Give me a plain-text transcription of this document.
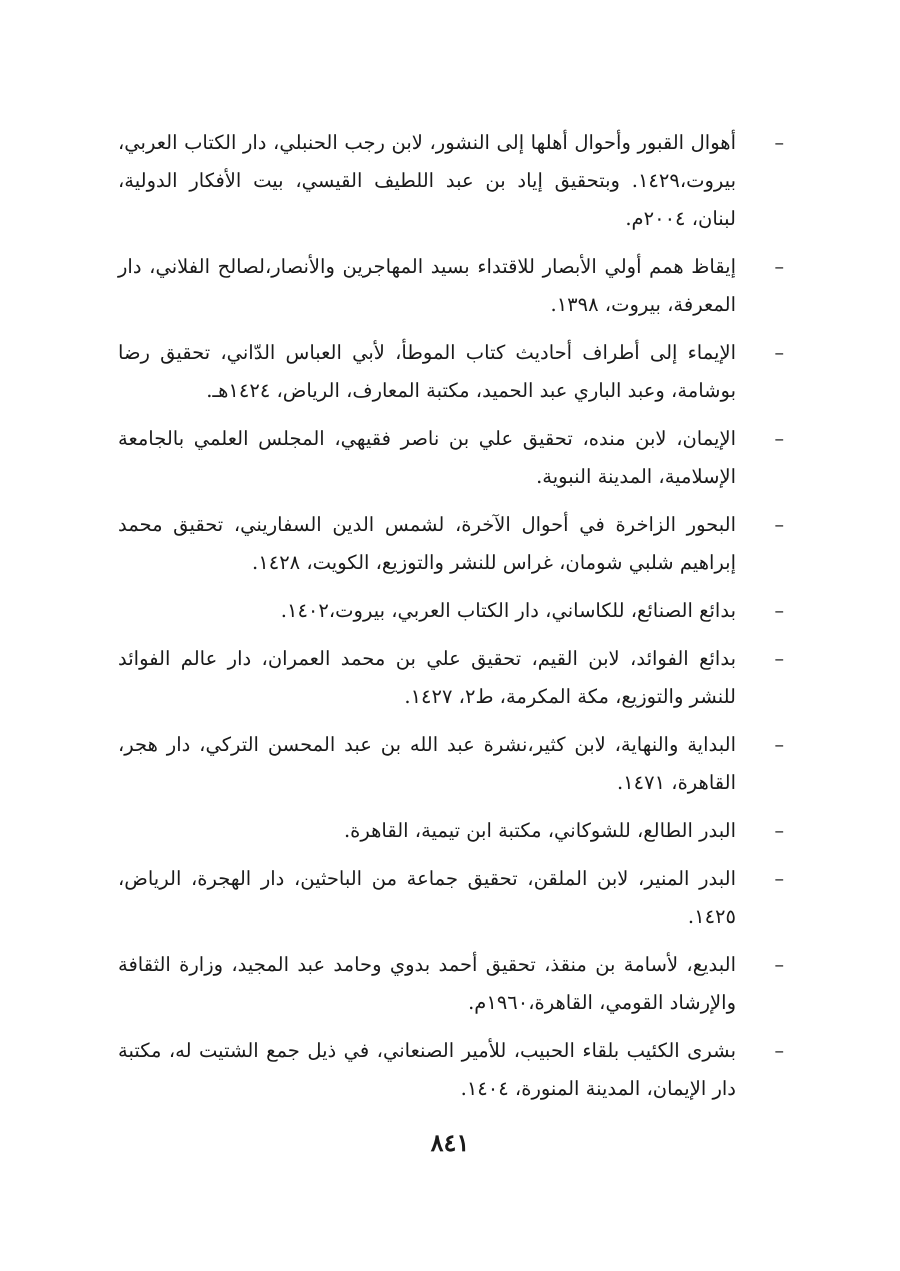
–
أهوال القبور وأحوال أهلها إلى النشور، لابن رجب الحنبلي، دار الكتاب العربي، بيروت،١٤٢٩. وبتحقيق إياد بن عبد اللطيف القيسي، بيت الأفكار الدولية، لبنان، ٢٠٠٤م.
–
إيقاظ همم أولي الأبصار للاقتداء بسيد المهاجرين والأنصار،لصالح الفلاني، دار المعرفة، بيروت، ١٣٩٨.
–
الإيماء إلى أطراف أحاديث كتاب الموطأ، لأبي العباس الدّاني، تحقيق رضا بوشامة، وعبد الباري عبد الحميد، مكتبة المعارف، الرياض، ١٤٢٤هـ.
–
الإيمان، لابن منده، تحقيق علي بن ناصر فقيهي، المجلس العلمي بالجامعة الإسلامية، المدينة النبوية.
–
البحور الزاخرة في أحوال الآخرة، لشمس الدين السفاريني، تحقيق محمد إبراهيم شلبي شومان، غراس للنشر والتوزيع، الكويت، ١٤٢٨.
–
بدائع الصنائع، للكاساني، دار الكتاب العربي، بيروت،١٤٠٢.
–
بدائع الفوائد، لابن القيم، تحقيق علي بن محمد العمران، دار عالم الفوائد للنشر والتوزيع، مكة المكرمة، ط٢، ١٤٢٧.
–
البداية والنهاية، لابن كثير،نشرة عبد الله بن عبد المحسن التركي، دار هجر، القاهرة، ١٤٧١.
–
البدر الطالع، للشوكاني، مكتبة ابن تيمية، القاهرة.
–
البدر المنير، لابن الملقن، تحقيق جماعة من الباحثين، دار الهجرة، الرياض، ١٤٢٥.
–
البديع، لأسامة بن منقذ، تحقيق أحمد بدوي وحامد عبد المجيد، وزارة الثقافة والإرشاد القومي، القاهرة،١٩٦٠م.
–
بشرى الكئيب بلقاء الحبيب، للأمير الصنعاني، في ذيل جمع الشتيت له، مكتبة دار الإيمان، المدينة المنورة، ١٤٠٤.
٨٤١
